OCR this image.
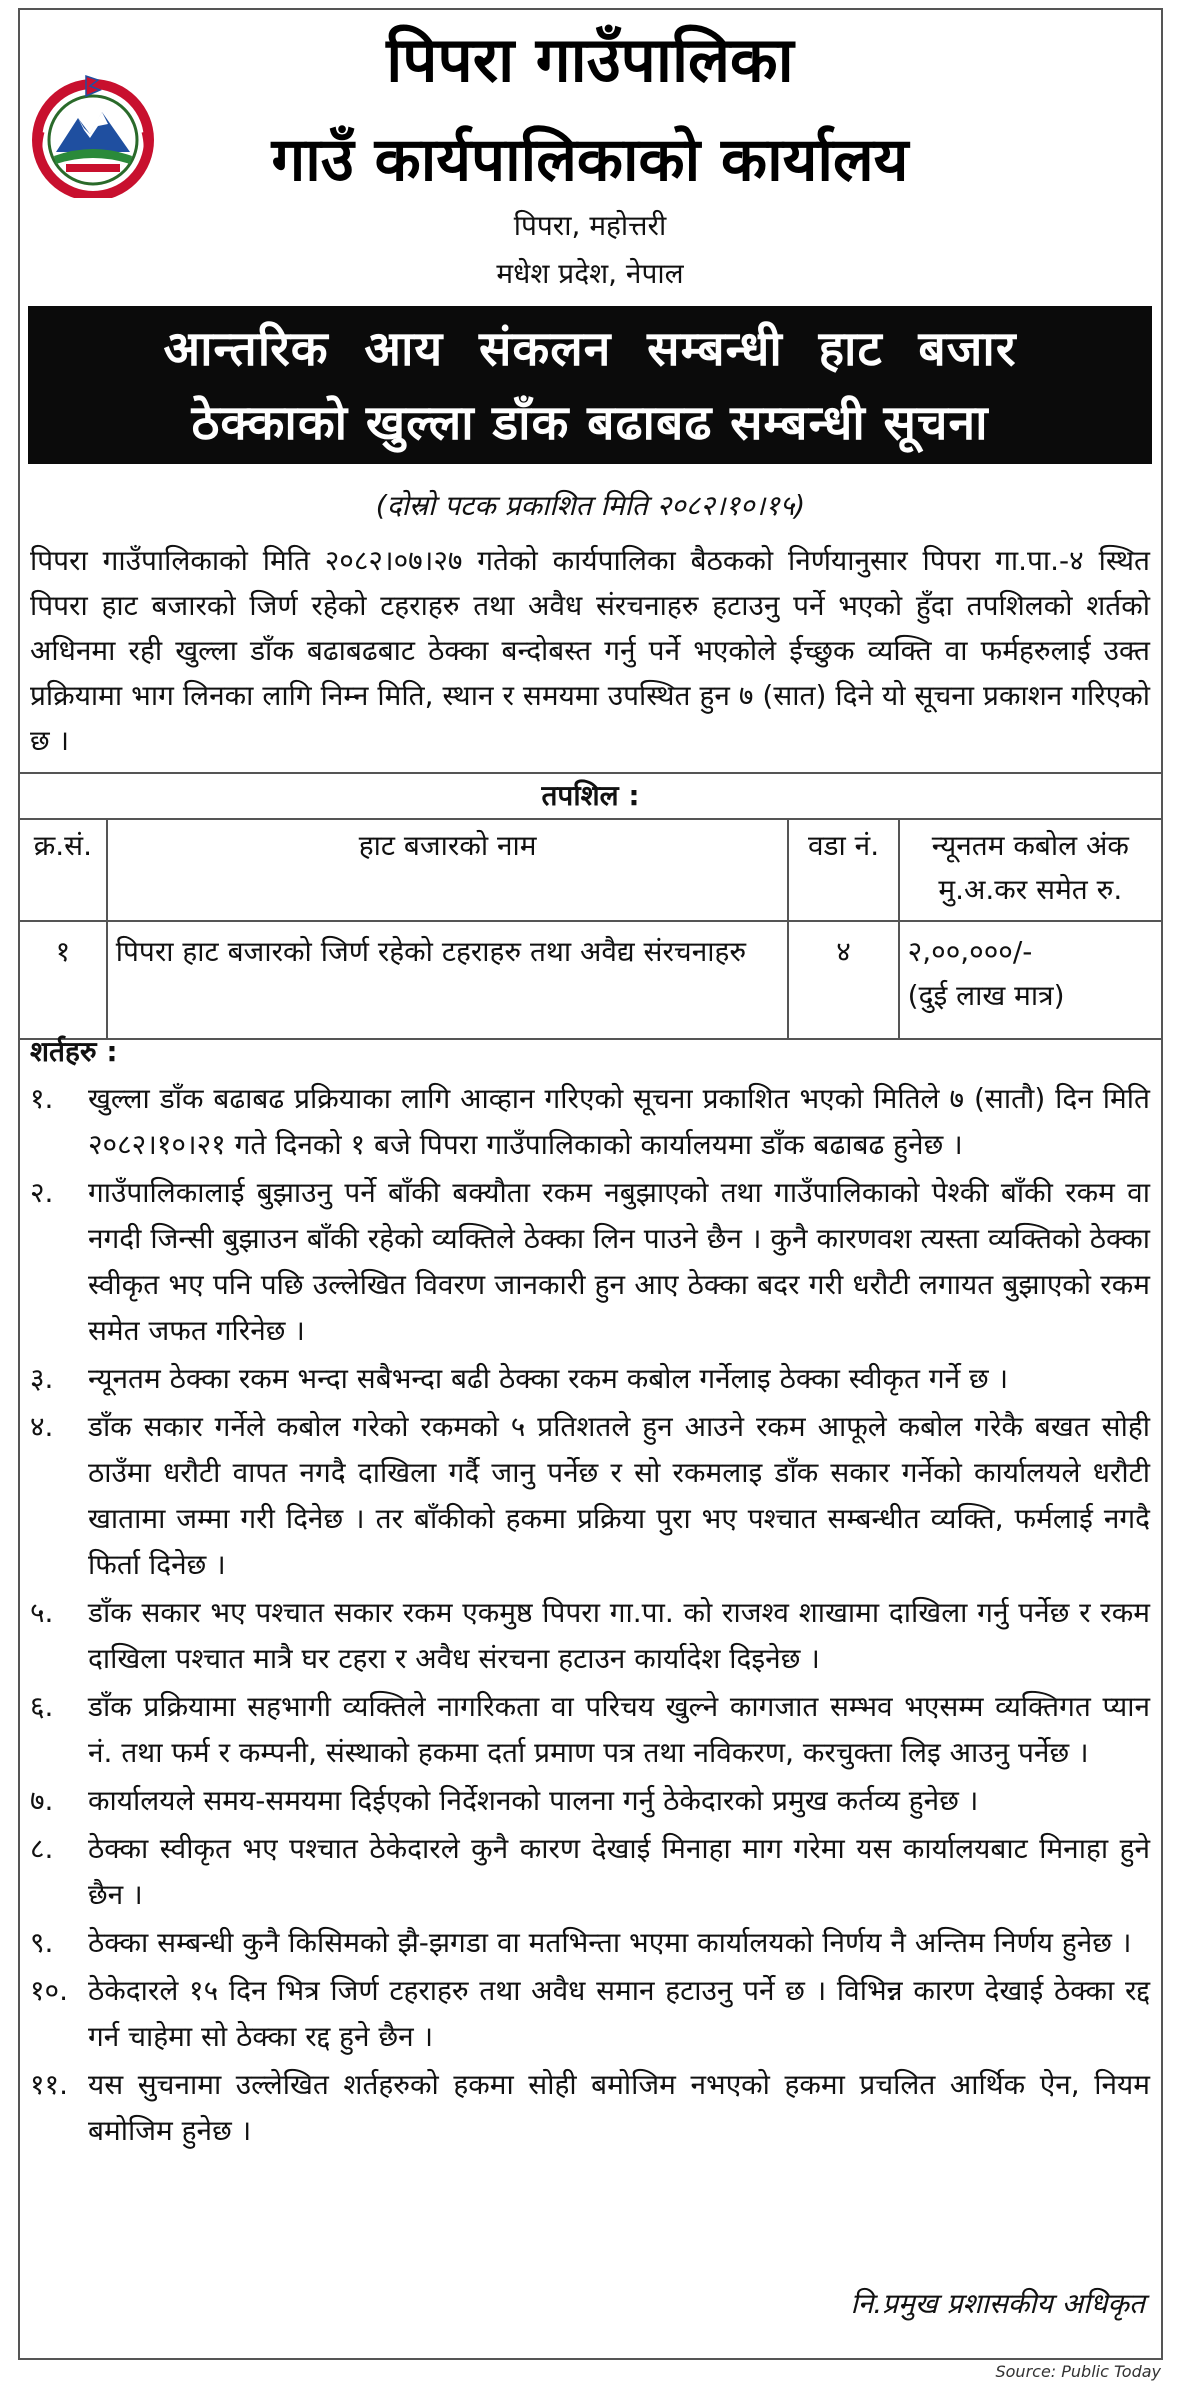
पिपरा गाउँपालिका
गाउँ कार्यपालिकाको कार्यालय
पिपरा, महोत्तरी
मधेश प्रदेश, नेपाल
आन्तरिक आय संकलन सम्बन्धी हाट बजार
ठेक्काको खुल्ला डाँक बढाबढ सम्बन्धी सूचना
(दोस्रो पटक प्रकाशित मिति २०८२।१०।१५)
पिपरा गाउँपालिकाको मिति २०८२।०७।२७ गतेको कार्यपालिका बैठकको निर्णयानुसार पिपरा गा.पा.-४ स्थित पिपरा हाट बजारको जिर्ण रहेको टहराहरु तथा अवैध संरचनाहरु हटाउनु पर्ने भएको हुँदा तपशिलको शर्तको अधिनमा रही खुल्ला डाँक बढाबढबाट ठेक्का बन्दोबस्त गर्नु पर्ने भएकोले ईच्छुक व्यक्ति वा फर्महरुलाई उक्त प्रक्रियामा भाग लिनका लागि निम्न मिति, स्थान र समयमा उपस्थित हुन ७ (सात) दिने यो सूचना प्रकाशन गरिएको छ ।
तपशिल :
क्र.सं.	हाट बजारको नाम	वडा नं.	न्यूनतम कबोल अंक
मु.अ.कर समेत रु.

१	पिपरा हाट बजारको जिर्ण रहेको टहराहरु तथा अवैद्य संरचनाहरु	४	२,००,०००/-
(दुई लाख मात्र)
शर्तहरु :
१. खुल्ला डाँक बढाबढ प्रक्रियाका लागि आव्हान गरिएको सूचना प्रकाशित भएको मितिले ७ (सातौ) दिन मिति २०८२।१०।२१ गते दिनको १ बजे पिपरा गाउँपालिकाको कार्यालयमा डाँक बढाबढ हुनेछ ।
२. गाउँपालिकालाई बुझाउनु पर्ने बाँकी बक्यौता रकम नबुझाएको तथा गाउँपालिकाको पेश्की बाँकी रकम वा नगदी जिन्सी बुझाउन बाँकी रहेको व्यक्तिले ठेक्का लिन पाउने छैन । कुनै कारणवश त्यस्ता व्यक्तिको ठेक्का स्वीकृत भए पनि पछि उल्लेखित विवरण जानकारी हुन आए ठेक्का बदर गरी धरौटी लगायत बुझाएको रकम समेत जफत गरिनेछ ।
३. न्यूनतम ठेक्का रकम भन्दा सबैभन्दा बढी ठेक्का रकम कबोल गर्नेलाइ ठेक्का स्वीकृत गर्ने छ ।
४. डाँक सकार गर्नेले कबोल गरेको रकमको ५ प्रतिशतले हुन आउने रकम आफूले कबोल गरेकै बखत सोही ठाउँमा धरौटी वापत नगदै दाखिला गर्दै जानु पर्नेछ र सो रकमलाइ डाँक सकार गर्नेको कार्यालयले धरौटी खातामा जम्मा गरी दिनेछ । तर बाँकीको हकमा प्रक्रिया पुरा भए पश्चात सम्बन्धीत व्यक्ति, फर्मलाई नगदै फिर्ता दिनेछ ।
५. डाँक सकार भए पश्चात सकार रकम एकमुष्ठ पिपरा गा.पा. को राजश्व शाखामा दाखिला गर्नु पर्नेछ र रकम दाखिला पश्चात मात्रै घर टहरा र अवैध संरचना हटाउन कार्यादेश दिइनेछ ।
६. डाँक प्रक्रियामा सहभागी व्यक्तिले नागरिकता वा परिचय खुल्ने कागजात सम्भव भएसम्म व्यक्तिगत प्यान नं. तथा फर्म र कम्पनी, संस्थाको हकमा दर्ता प्रमाण पत्र तथा नविकरण, करचुक्ता लिइ आउनु पर्नेछ ।
७. कार्यालयले समय-समयमा दिईएको निर्देशनको पालना गर्नु ठेकेदारको प्रमुख कर्तव्य हुनेछ ।
८. ठेक्का स्वीकृत भए पश्चात ठेकेदारले कुनै कारण देखाई मिनाहा माग गरेमा यस कार्यालयबाट मिनाहा हुने छैन ।
९. ठेक्का सम्बन्धी कुनै किसिमको झै-झगडा वा मतभिन्ता भएमा कार्यालयको निर्णय नै अन्तिम निर्णय हुनेछ ।
१०. ठेकेदारले १५ दिन भित्र जिर्ण टहराहरु तथा अवैध समान हटाउनु पर्ने छ । विभिन्न कारण देखाई ठेक्का रद्द गर्न चाहेमा सो ठेक्का रद्द हुने छैन ।
११. यस सुचनामा उल्लेखित शर्तहरुको हकमा सोही बमोजिम नभएको हकमा प्रचलित आर्थिक ऐन, नियम बमोजिम हुनेछ ।
नि.प्रमुख प्रशासकीय अधिकृत
Source: Public Today
